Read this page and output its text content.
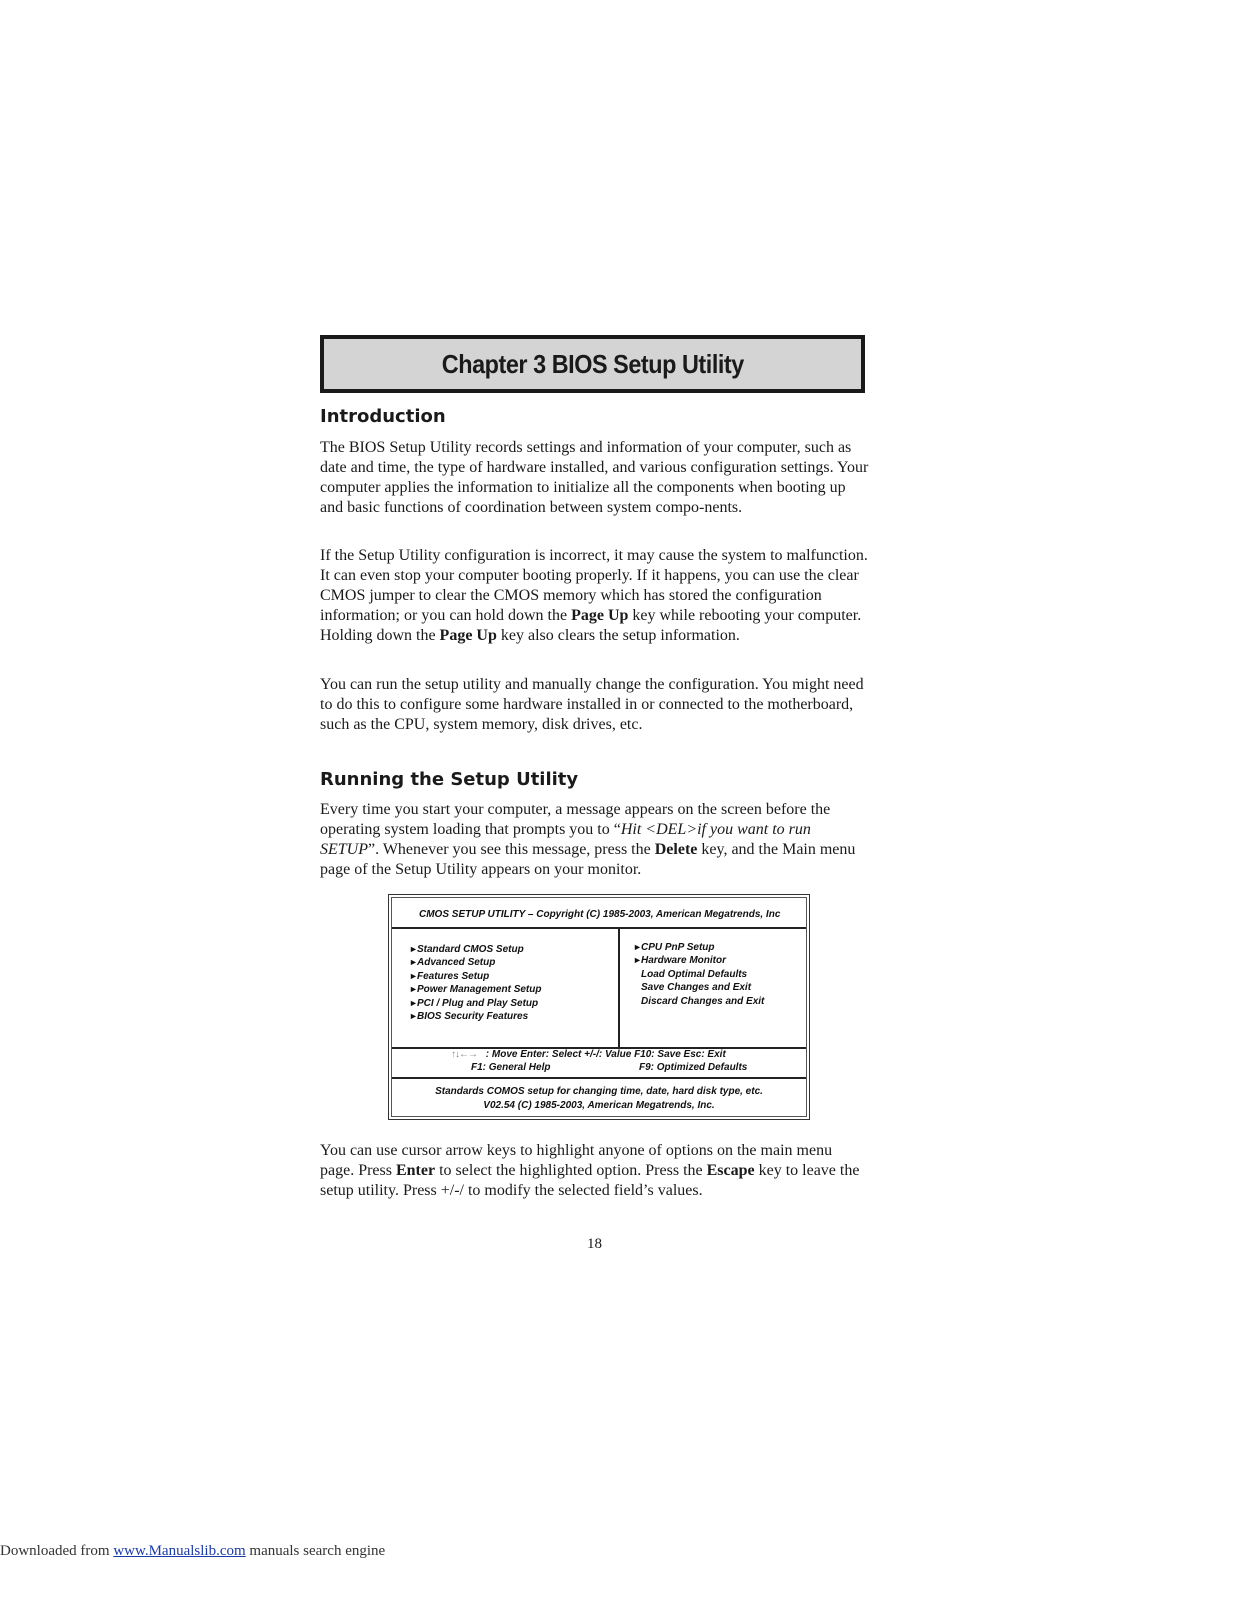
Chapter 3 BIOS Setup Utility
Introduction

The BIOS Setup Utility records settings and information of your computer, such as date and time, the type of hardware installed, and various configuration settings. Your computer applies the information to initialize all the components when booting up and basic functions of coordination between system compo-nents.

If the Setup Utility configuration is incorrect, it may cause the system to malfunction. It can even stop your computer booting properly. If it happens, you can use the clear CMOS jumper to clear the CMOS memory which has stored the configuration information; or you can hold down the Page Up key while rebooting your computer. Holding down the Page Up key also clears the setup information.

You can run the setup utility and manually change the configuration. You might need to do this to configure some hardware installed in or connected to the motherboard, such as the CPU, system memory, disk drives, etc.

Running the Setup Utility

Every time you start your computer, a message appears on the screen before the operating system loading that prompts you to “Hit <DEL>if you want to run SETUP”. Whenever you see this message, press the Delete key, and the Main menu page of the Setup Utility appears on your monitor.

CMOS SETUP UTILITY – Copyright (C) 1985-2003, American Megatrends, Inc
►Standard CMOS Setup
►Advanced Setup
►Features Setup
►Power Management Setup
►PCI / Plug and Play Setup
►BIOS Security Features
►CPU PnP Setup
►Hardware Monitor
Load Optimal Defaults
Save Changes and Exit
Discard Changes and Exit
↑↓←→ : Move Enter: Select +/-/: Value F10: Save Esc: Exit
F1: General Help	F9: Optimized Defaults
Standards COMOS setup for changing time, date, hard disk type, etc.
V02.54 (C) 1985-2003, American Megatrends, Inc.

You can use cursor arrow keys to highlight anyone of options on the main menu page. Press Enter to select the highlighted option. Press the Escape key to leave the setup utility. Press +/-/ to modify the selected field’s values.

18
Downloaded from www.Manualslib.com manuals search engine
